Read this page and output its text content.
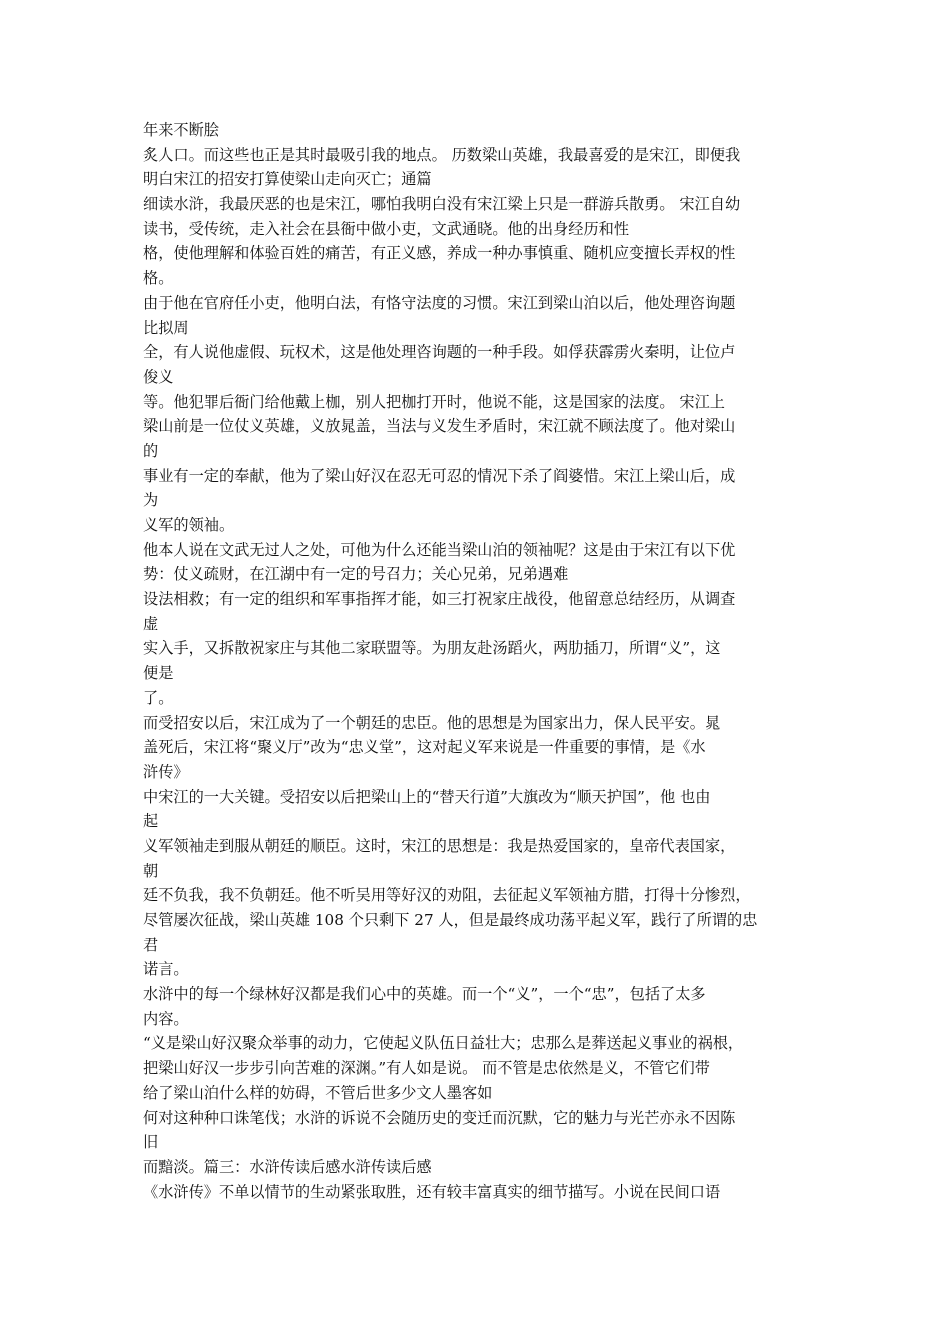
年来不断脍
炙人口。而这些也正是其时最吸引我的地点。 历数梁山英雄，我最喜爱的是宋江，即便我
明白宋江的招安打算使梁山走向灭亡；通篇
细读水浒，我最厌恶的也是宋江，哪怕我明白没有宋江梁上只是一群游兵散勇。 宋江自幼
读书，受传统，走入社会在县衙中做小吏，文武通晓。他的出身经历和性
格，使他理解和体验百姓的痛苦，有正义感，养成一种办事慎重、随机应变擅长弄权的性
格。
由于他在官府任小吏，他明白法，有恪守法度的习惯。宋江到梁山泊以后，他处理咨询题
比拟周
全，有人说他虚假、玩权术，这是他处理咨询题的一种手段。如俘获霹雳火秦明，让位卢
俊义
等。他犯罪后衙门给他戴上枷，别人把枷打开时，他说不能，这是国家的法度。 宋江上
梁山前是一位仗义英雄，义放晁盖，当法与义发生矛盾时，宋江就不顾法度了。他对梁山
的
事业有一定的奉献，他为了梁山好汉在忍无可忍的情况下杀了阎婆惜。宋江上梁山后，成
为
义军的领袖。
他本人说在文武无过人之处，可他为什么还能当梁山泊的领袖呢？这是由于宋江有以下优
势：仗义疏财，在江湖中有一定的号召力；关心兄弟，兄弟遇难
设法相救；有一定的组织和军事指挥才能，如三打祝家庄战役，他留意总结经历，从调查
虚
实入手，又拆散祝家庄与其他二家联盟等。为朋友赴汤蹈火，两肋插刀，所谓“义”，这
便是
了。
而受招安以后，宋江成为了一个朝廷的忠臣。他的思想是为国家出力，保人民平安。晁
盖死后，宋江将“聚义厅”改为“忠义堂”，这对起义军来说是一件重要的事情，是《水
浒传》
中宋江的一大关键。受招安以后把梁山上的“替天行道”大旗改为“顺天护国”，他 也由
起
义军领袖走到服从朝廷的顺臣。这时，宋江的思想是：我是热爱国家的，皇帝代表国家，
朝
廷不负我，我不负朝廷。他不听吴用等好汉的劝阻，去征起义军领袖方腊，打得十分惨烈，
尽管屡次征战，梁山英雄 108 个只剩下 27 人，但是最终成功荡平起义军，践行了所谓的忠
君
诺言。
水浒中的每一个绿林好汉都是我们心中的英雄。而一个“义”，一个“忠”，包括了太多
内容。
“义是梁山好汉聚众举事的动力，它使起义队伍日益壮大；忠那么是葬送起义事业的祸根，
把梁山好汉一步步引向苦难的深渊。”有人如是说。 而不管是忠依然是义，不管它们带
给了梁山泊什么样的妨碍，不管后世多少文人墨客如
何对这种种口诛笔伐；水浒的诉说不会随历史的变迁而沉默，它的魅力与光芒亦永不因陈
旧
而黯淡。篇三：水浒传读后感水浒传读后感
《水浒传》不单以情节的生动紧张取胜，还有较丰富真实的细节描写。小说在民间口语
